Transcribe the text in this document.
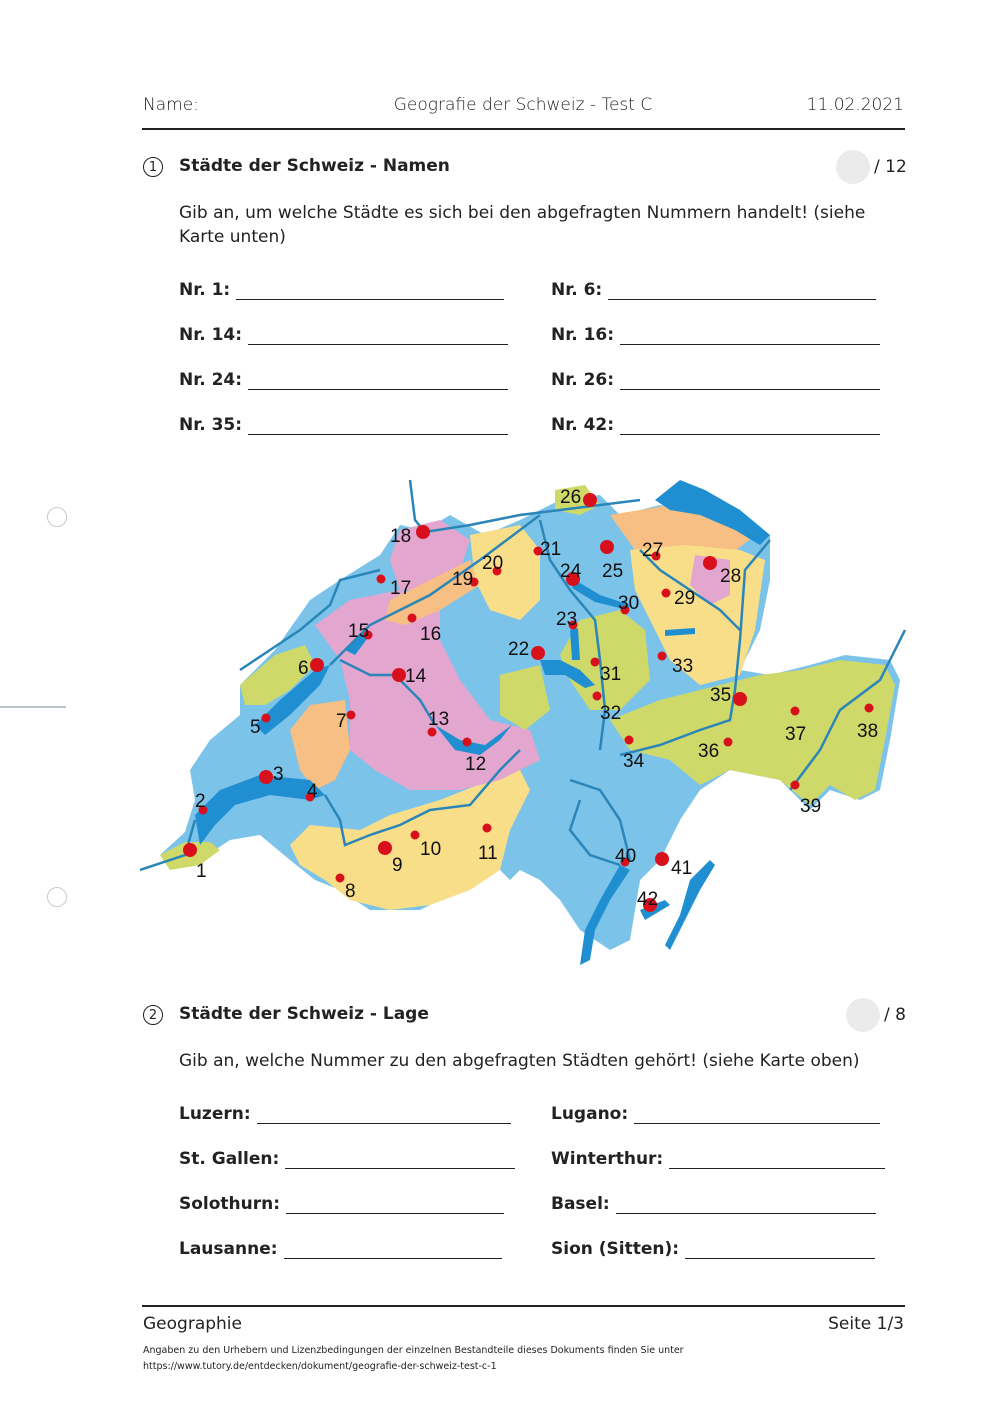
Name:	Geografie der Schweiz - Test C	11.02.2021
1	Städte der Schweiz - Namen	/ 12
Gib an, um welche Städte es sich bei den abgefragten Nummern handelt! (siehe Karte unten)
Nr. 1:	Nr. 6:
Nr. 14:	Nr. 16:
Nr. 24:	Nr. 26:
Nr. 35:	Nr. 42:
1
2
3
4
5
6
7
8
9
10 11
12
13
14
15	16
17
18
19
20
21
22
23
24 25
26
27
28
29
30
31
32
33
34
35
36
37	38
39
40
41
42
2	Städte der Schweiz - Lage	/ 8
Gib an, welche Nummer zu den abgefragten Städten gehört! (siehe Karte oben)
Luzern:	Lugano:
St. Gallen:	Winterthur:
Solothurn:	Basel:
Lausanne:	Sion (Sitten):
Geographie	Seite 1/3
Angaben zu den Urhebern und Lizenzbedingungen der einzelnen Bestandteile dieses Dokuments finden Sie unter
https://www.tutory.de/entdecken/dokument/geografie-der-schweiz-test-c-1
